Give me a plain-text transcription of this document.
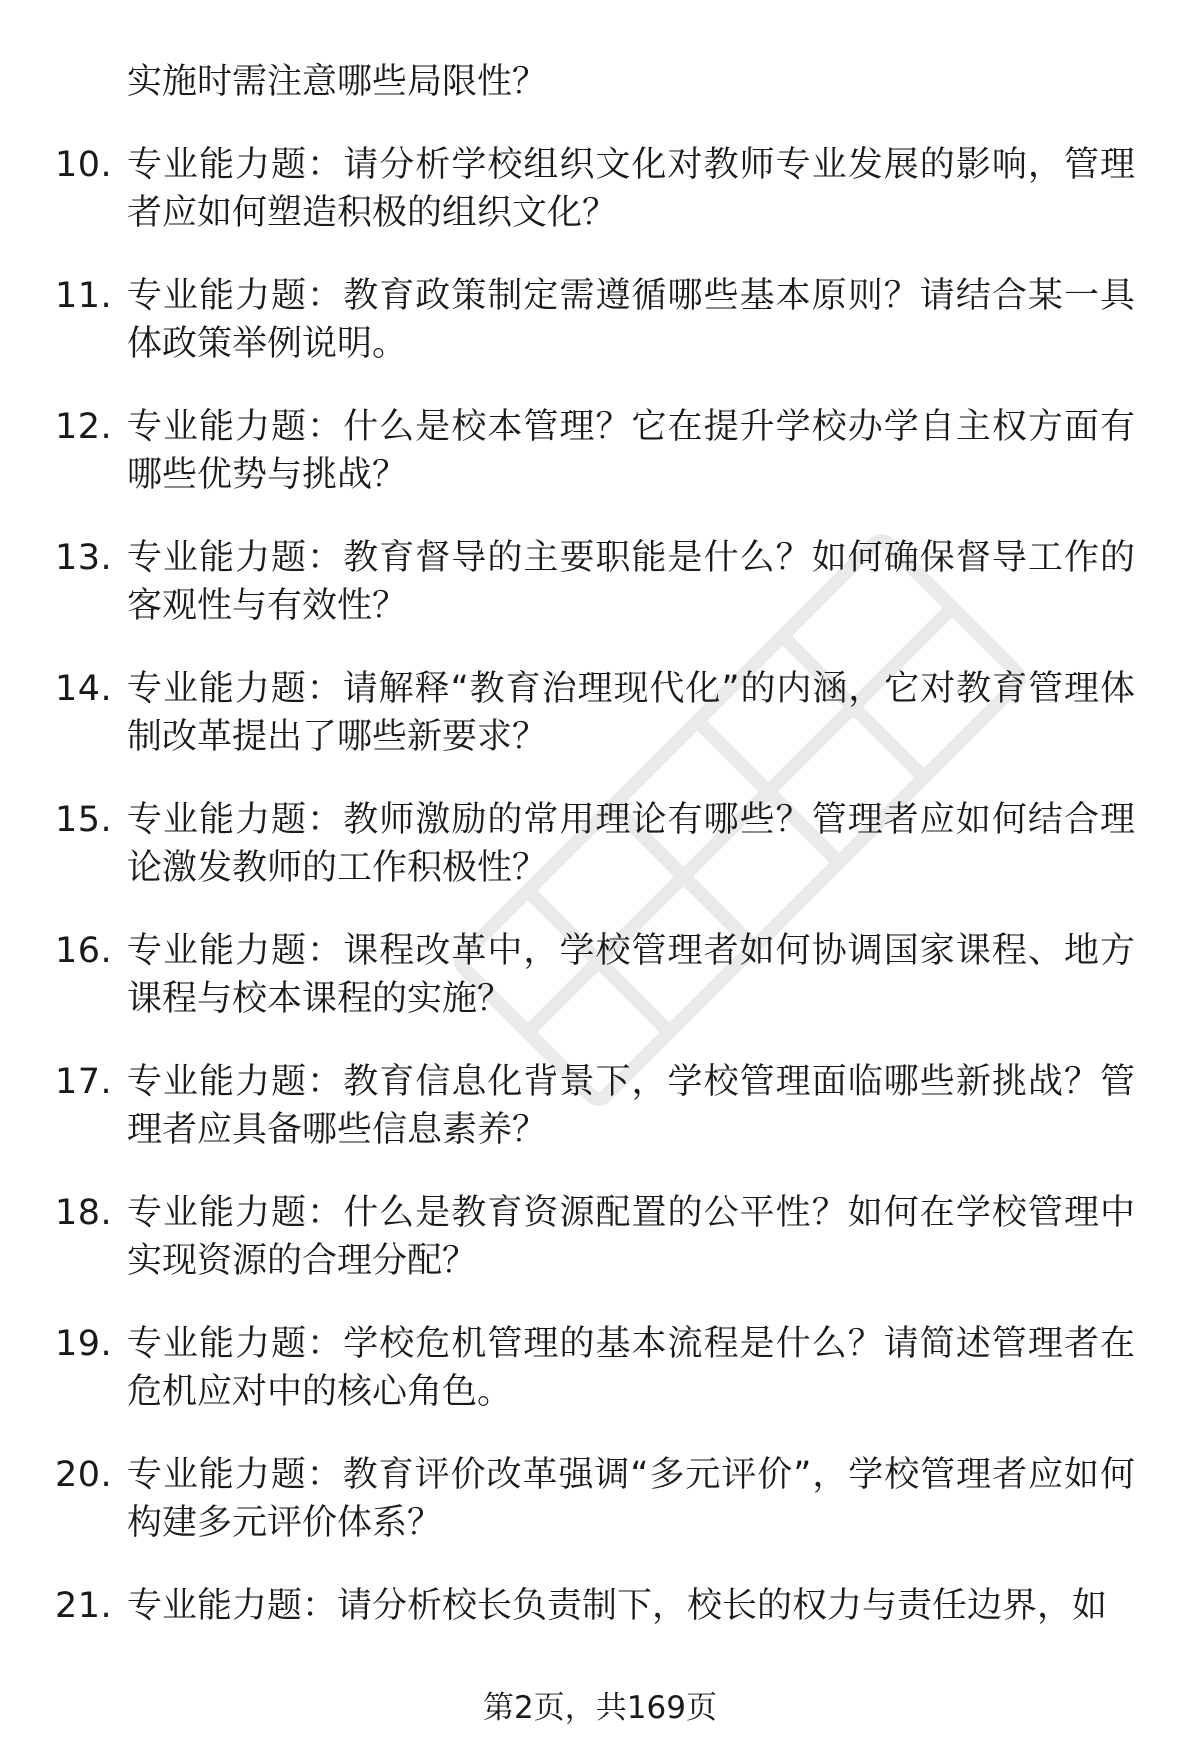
实施时需注意哪些局限性？
10. 专业能力题：请分析学校组织文化对教师专业发展的影响，管理者应如何塑造积极的组织文化？
11. 专业能力题：教育政策制定需遵循哪些基本原则？请结合某一具体政策举例说明。
12. 专业能力题：什么是校本管理？它在提升学校办学自主权方面有哪些优势与挑战？
13. 专业能力题：教育督导的主要职能是什么？如何确保督导工作的客观性与有效性？
14. 专业能力题：请解释“教育治理现代化”的内涵，它对教育管理体制改革提出了哪些新要求？
15. 专业能力题：教师激励的常用理论有哪些？管理者应如何结合理论激发教师的工作积极性？
16. 专业能力题：课程改革中，学校管理者如何协调国家课程、地方课程与校本课程的实施？
17. 专业能力题：教育信息化背景下，学校管理面临哪些新挑战？管理者应具备哪些信息素养？
18. 专业能力题：什么是教育资源配置的公平性？如何在学校管理中实现资源的合理分配？
19. 专业能力题：学校危机管理的基本流程是什么？请简述管理者在危机应对中的核心角色。
20. 专业能力题：教育评价改革强调“多元评价”，学校管理者应如何构建多元评价体系？
21. 专业能力题：请分析校长负责制下，校长的权力与责任边界，如
第2页，共169页
